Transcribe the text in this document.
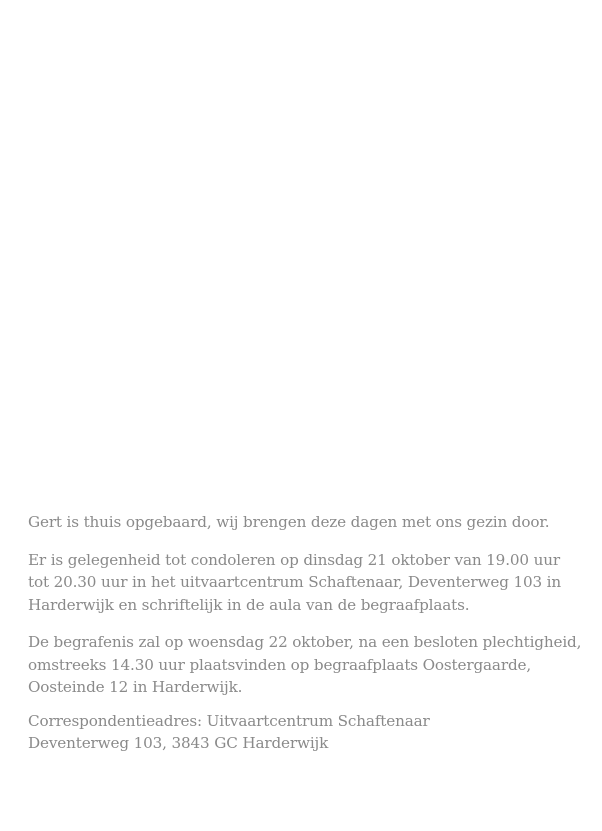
Gert is thuis opgebaard, wij brengen deze dagen met ons gezin door.

Er is gelegenheid tot condoleren op dinsdag 21 oktober van 19.00 uur
tot 20.30 uur in het uitvaartcentrum Schaftenaar, Deventerweg 103 in
Harderwijk en schriftelijk in de aula van de begraafplaats.

De begrafenis zal op woensdag 22 oktober, na een besloten plechtigheid,
omstreeks 14.30 uur plaatsvinden op begraafplaats Oostergaarde,
Oosteinde 12 in Harderwijk.

Correspondentieadres: Uitvaartcentrum Schaftenaar
Deventerweg 103, 3843 GC Harderwijk
